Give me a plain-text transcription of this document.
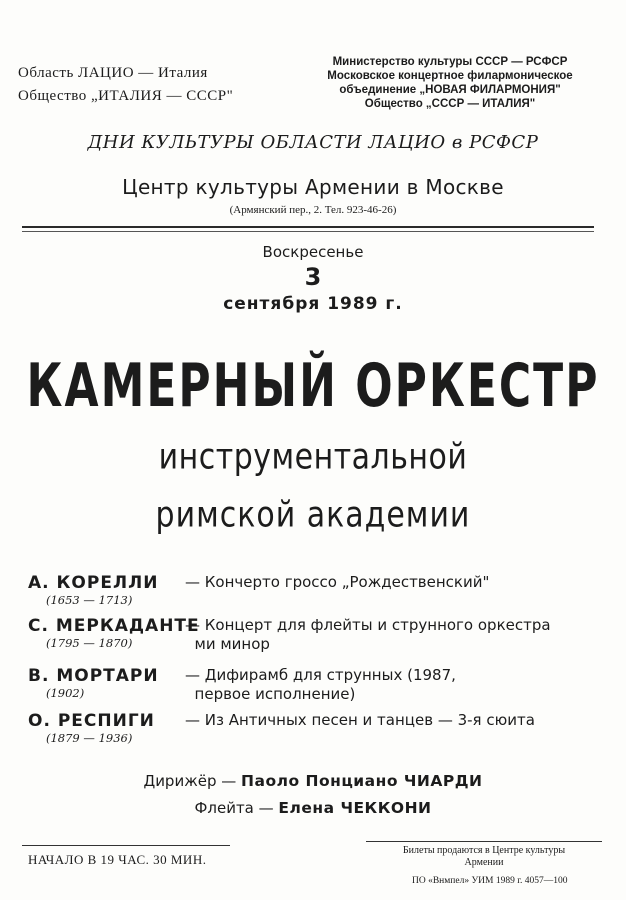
Область ЛАЦИО — Италия
Общество „ИТАЛИЯ — СССР"
Министерство культуры СССР — РСФСР
Московское концертное филармоническое
объединение „НОВАЯ ФИЛАРМОНИЯ"
Общество „СССР — ИТАЛИЯ"
ДНИ КУЛЬТУРЫ ОБЛАСТИ ЛАЦИО в РСФСР
Центр культуры Армении в Москве
(Армянский пер., 2. Тел. 923-46-26)
Воскресенье
3
сентября 1989 г.
КАМЕРНЫЙ ОРКЕСТР
инструментальной
римской академии
А. КОРЕЛЛИ
(1653 — 1713)
— Кончерто гроссо „Рождественский"
С. МЕРКАДАНТЕ
(1795 — 1870)
— Концерт для флейты и струнного оркестра
ми минор
В. МОРТАРИ
(1902)
— Дифирамб для струнных (1987,
первое исполнение)
О. РЕСПИГИ
(1879 — 1936)
— Из Античных песен и танцев — 3-я сюита
Дирижёр — Паоло Понциано ЧИАРДИ
Флейта — Елена ЧЕККОНИ
НАЧАЛО В 19 ЧАС. 30 МИН.
Билеты продаются в Центре культуры
Армении
ПО «Внмпел» УИМ 1989 г. 4057—100
